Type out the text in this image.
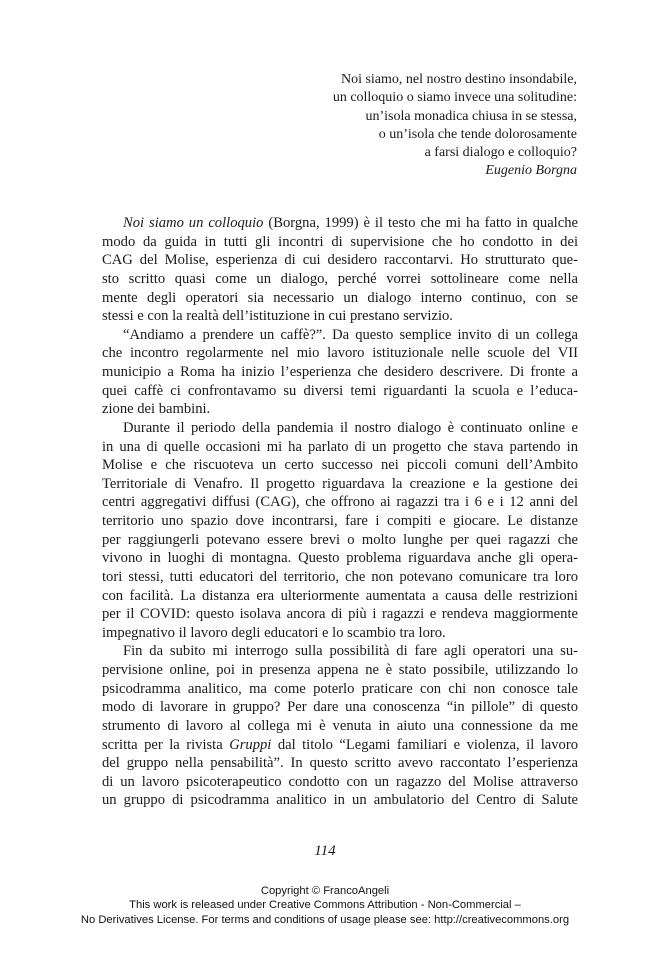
Noi siamo, nel nostro destino insondabile,
un colloquio o siamo invece una solitudine:
un’isola monadica chiusa in se stessa,
o un’isola che tende dolorosamente
a farsi dialogo e colloquio?
Eugenio Borgna

Noi siamo un colloquio (Borgna, 1999) è il testo che mi ha fatto in qualche
modo da guida in tutti gli incontri di supervisione che ho condotto in dei
CAG del Molise, esperienza di cui desidero raccontarvi. Ho strutturato que-
sto scritto quasi come un dialogo, perché vorrei sottolineare come nella
mente degli operatori sia necessario un dialogo interno continuo, con se
stessi e con la realtà dell’istituzione in cui prestano servizio.

“Andiamo a prendere un caffè?”. Da questo semplice invito di un collega
che incontro regolarmente nel mio lavoro istituzionale nelle scuole del VII
municipio a Roma ha inizio l’esperienza che desidero descrivere. Di fronte a
quei caffè ci confrontavamo su diversi temi riguardanti la scuola e l’educa-
zione dei bambini.

Durante il periodo della pandemia il nostro dialogo è continuato online e
in una di quelle occasioni mi ha parlato di un progetto che stava partendo in
Molise e che riscuoteva un certo successo nei piccoli comuni dell’Ambito
Territoriale di Venafro. Il progetto riguardava la creazione e la gestione dei
centri aggregativi diffusi (CAG), che offrono ai ragazzi tra i 6 e i 12 anni del
territorio uno spazio dove incontrarsi, fare i compiti e giocare. Le distanze
per raggiungerli potevano essere brevi o molto lunghe per quei ragazzi che
vivono in luoghi di montagna. Questo problema riguardava anche gli opera-
tori stessi, tutti educatori del territorio, che non potevano comunicare tra loro
con facilità. La distanza era ulteriormente aumentata a causa delle restrizioni
per il COVID: questo isolava ancora di più i ragazzi e rendeva maggiormente
impegnativo il lavoro degli educatori e lo scambio tra loro.

Fin da subito mi interrogo sulla possibilità di fare agli operatori una su-
pervisione online, poi in presenza appena ne è stato possibile, utilizzando lo
psicodramma analitico, ma come poterlo praticare con chi non conosce tale
modo di lavorare in gruppo? Per dare una conoscenza “in pillole” di questo
strumento di lavoro al collega mi è venuta in aiuto una connessione da me
scritta per la rivista Gruppi dal titolo “Legami familiari e violenza, il lavoro
del gruppo nella pensabilità”. In questo scritto avevo raccontato l’esperienza
di un lavoro psicoterapeutico condotto con un ragazzo del Molise attraverso
un gruppo di psicodramma analitico in un ambulatorio del Centro di Salute

114
Copyright © FrancoAngeli
This work is released under Creative Commons Attribution - Non-Commercial –
No Derivatives License. For terms and conditions of usage please see: http://creativecommons.org
